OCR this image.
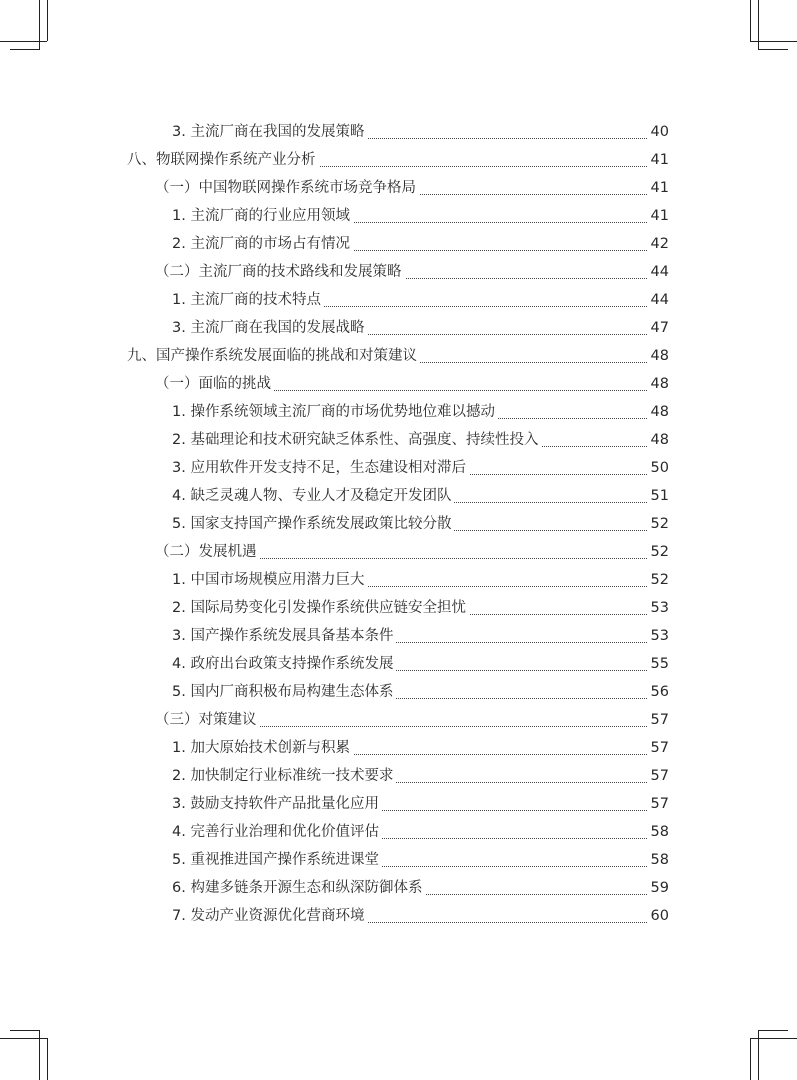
3. 主流厂商在我国的发展策略	40
八、物联网操作系统产业分析	41
（一）中国物联网操作系统市场竞争格局	41
1. 主流厂商的行业应用领域	41
2. 主流厂商的市场占有情况	42
（二）主流厂商的技术路线和发展策略	44
1. 主流厂商的技术特点	44
3. 主流厂商在我国的发展战略	47
九、国产操作系统发展面临的挑战和对策建议	48
（一）面临的挑战	48
1. 操作系统领域主流厂商的市场优势地位难以撼动	48
2. 基础理论和技术研究缺乏体系性、高强度、持续性投入	48
3. 应用软件开发支持不足，生态建设相对滞后	50
4. 缺乏灵魂人物、专业人才及稳定开发团队	51
5. 国家支持国产操作系统发展政策比较分散	52
（二）发展机遇	52
1. 中国市场规模应用潜力巨大	52
2. 国际局势变化引发操作系统供应链安全担忧	53
3. 国产操作系统发展具备基本条件	53
4. 政府出台政策支持操作系统发展	55
5. 国内厂商积极布局构建生态体系	56
（三）对策建议	57
1. 加大原始技术创新与积累	57
2. 加快制定行业标准统一技术要求	57
3. 鼓励支持软件产品批量化应用	57
4. 完善行业治理和优化价值评估	58
5. 重视推进国产操作系统进课堂	58
6. 构建多链条开源生态和纵深防御体系	59
7. 发动产业资源优化营商环境	60
